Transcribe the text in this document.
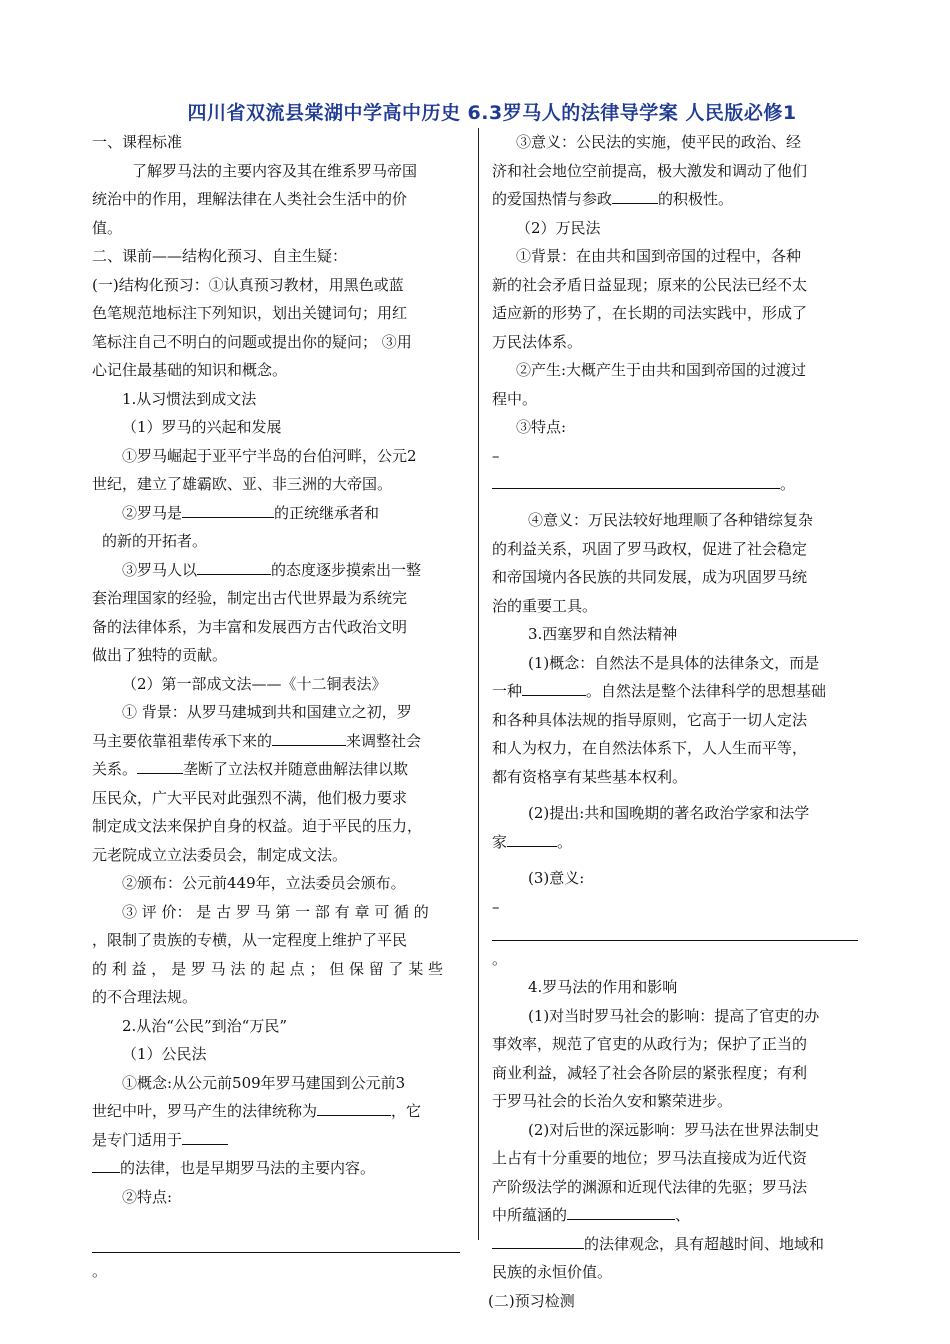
四川省双流县棠湖中学高中历史 6.3罗马人的法律导学案 人民版必修1

一、课程标准

了解罗马法的主要内容及其在维系罗马帝国

统治中的作用，理解法律在人类社会生活中的价

值。

二、课前——结构化预习、自主生疑：

(一)结构化预习：①认真预习教材，用黑色或蓝

色笔规范地标注下列知识，划出关键词句；用红

笔标注自己不明白的问题或提出你的疑问； ③用

心记住最基础的知识和概念。

1.从习惯法到成文法

（1）罗马的兴起和发展

①罗马崛起于亚平宁半岛的台伯河畔，公元2

世纪，建立了雄霸欧、亚、非三洲的大帝国。

②罗马是	的正统继承者和

的新的开拓者。

③罗马人以	的态度逐步摸索出一整

套治理国家的经验，制定出古代世界最为系统完

备的法律体系，为丰富和发展西方古代政治文明

做出了独特的贡献。

（2）第一部成文法——《十二铜表法》

① 背景：从罗马建城到共和国建立之初，罗

马主要依靠祖辈传承下来的	来调整社会

关系。	垄断了立法权并随意曲解法律以欺

压民众，广大平民对此强烈不满，他们极力要求

制定成文法来保护自身的权益。迫于平民的压力，

元老院成立立法委员会，制定成文法。

②颁布：公元前449年，立法委员会颁布。

③ 评 价： 是 古 罗 马 第 一 部 有 章 可 循 的

，限制了贵族的专横，从一定程度上维护了平民

的 利 益 ， 是 罗 马 法 的 起 点 ； 但 保 留 了 某 些

的不合理法规。

2.从治“公民”到治“万民”

（1）公民法

①概念:从公元前509年罗马建国到公元前3

世纪中叶，罗马产生的法律统称为	，它

是专门适用于

的法律，也是早期罗马法的主要内容。

②特点:

。

③意义：公民法的实施，使平民的政治、经

济和社会地位空前提高，极大激发和调动了他们

的爱国热情与参政	的积极性。

（2）万民法

①背景：在由共和国到帝国的过程中，各种

新的社会矛盾日益显现；原来的公民法已经不太

适应新的形势了，在长期的司法实践中，形成了

万民法体系。

②产生:大概产生于由共和国到帝国的过渡过

程中。

③特点:

–

。

④意义：万民法较好地理顺了各种错综复杂

的利益关系，巩固了罗马政权，促进了社会稳定

和帝国境内各民族的共同发展，成为巩固罗马统

治的重要工具。

3.西塞罗和自然法精神

(1)概念：自然法不是具体的法律条文，而是

一种	。自然法是整个法律科学的思想基础

和各种具体法规的指导原则，它高于一切人定法

和人为权力，在自然法体系下，人人生而平等，

都有资格享有某些基本权利。

(2)提出:共和国晚期的著名政治学家和法学

家	。

(3)意义:

–

。

4.罗马法的作用和影响

(1)对当时罗马社会的影响：提高了官吏的办

事效率，规范了官吏的从政行为；保护了正当的

商业利益，减轻了社会各阶层的紧张程度；有利

于罗马社会的长治久安和繁荣进步。

(2)对后世的深远影响：罗马法在世界法制史

上占有十分重要的地位；罗马法直接成为近代资

产阶级法学的渊源和近现代法律的先驱；罗马法

中所蕴涵的	、

的法律观念，具有超越时间、地域和

民族的永恒价值。

(二)预习检测
